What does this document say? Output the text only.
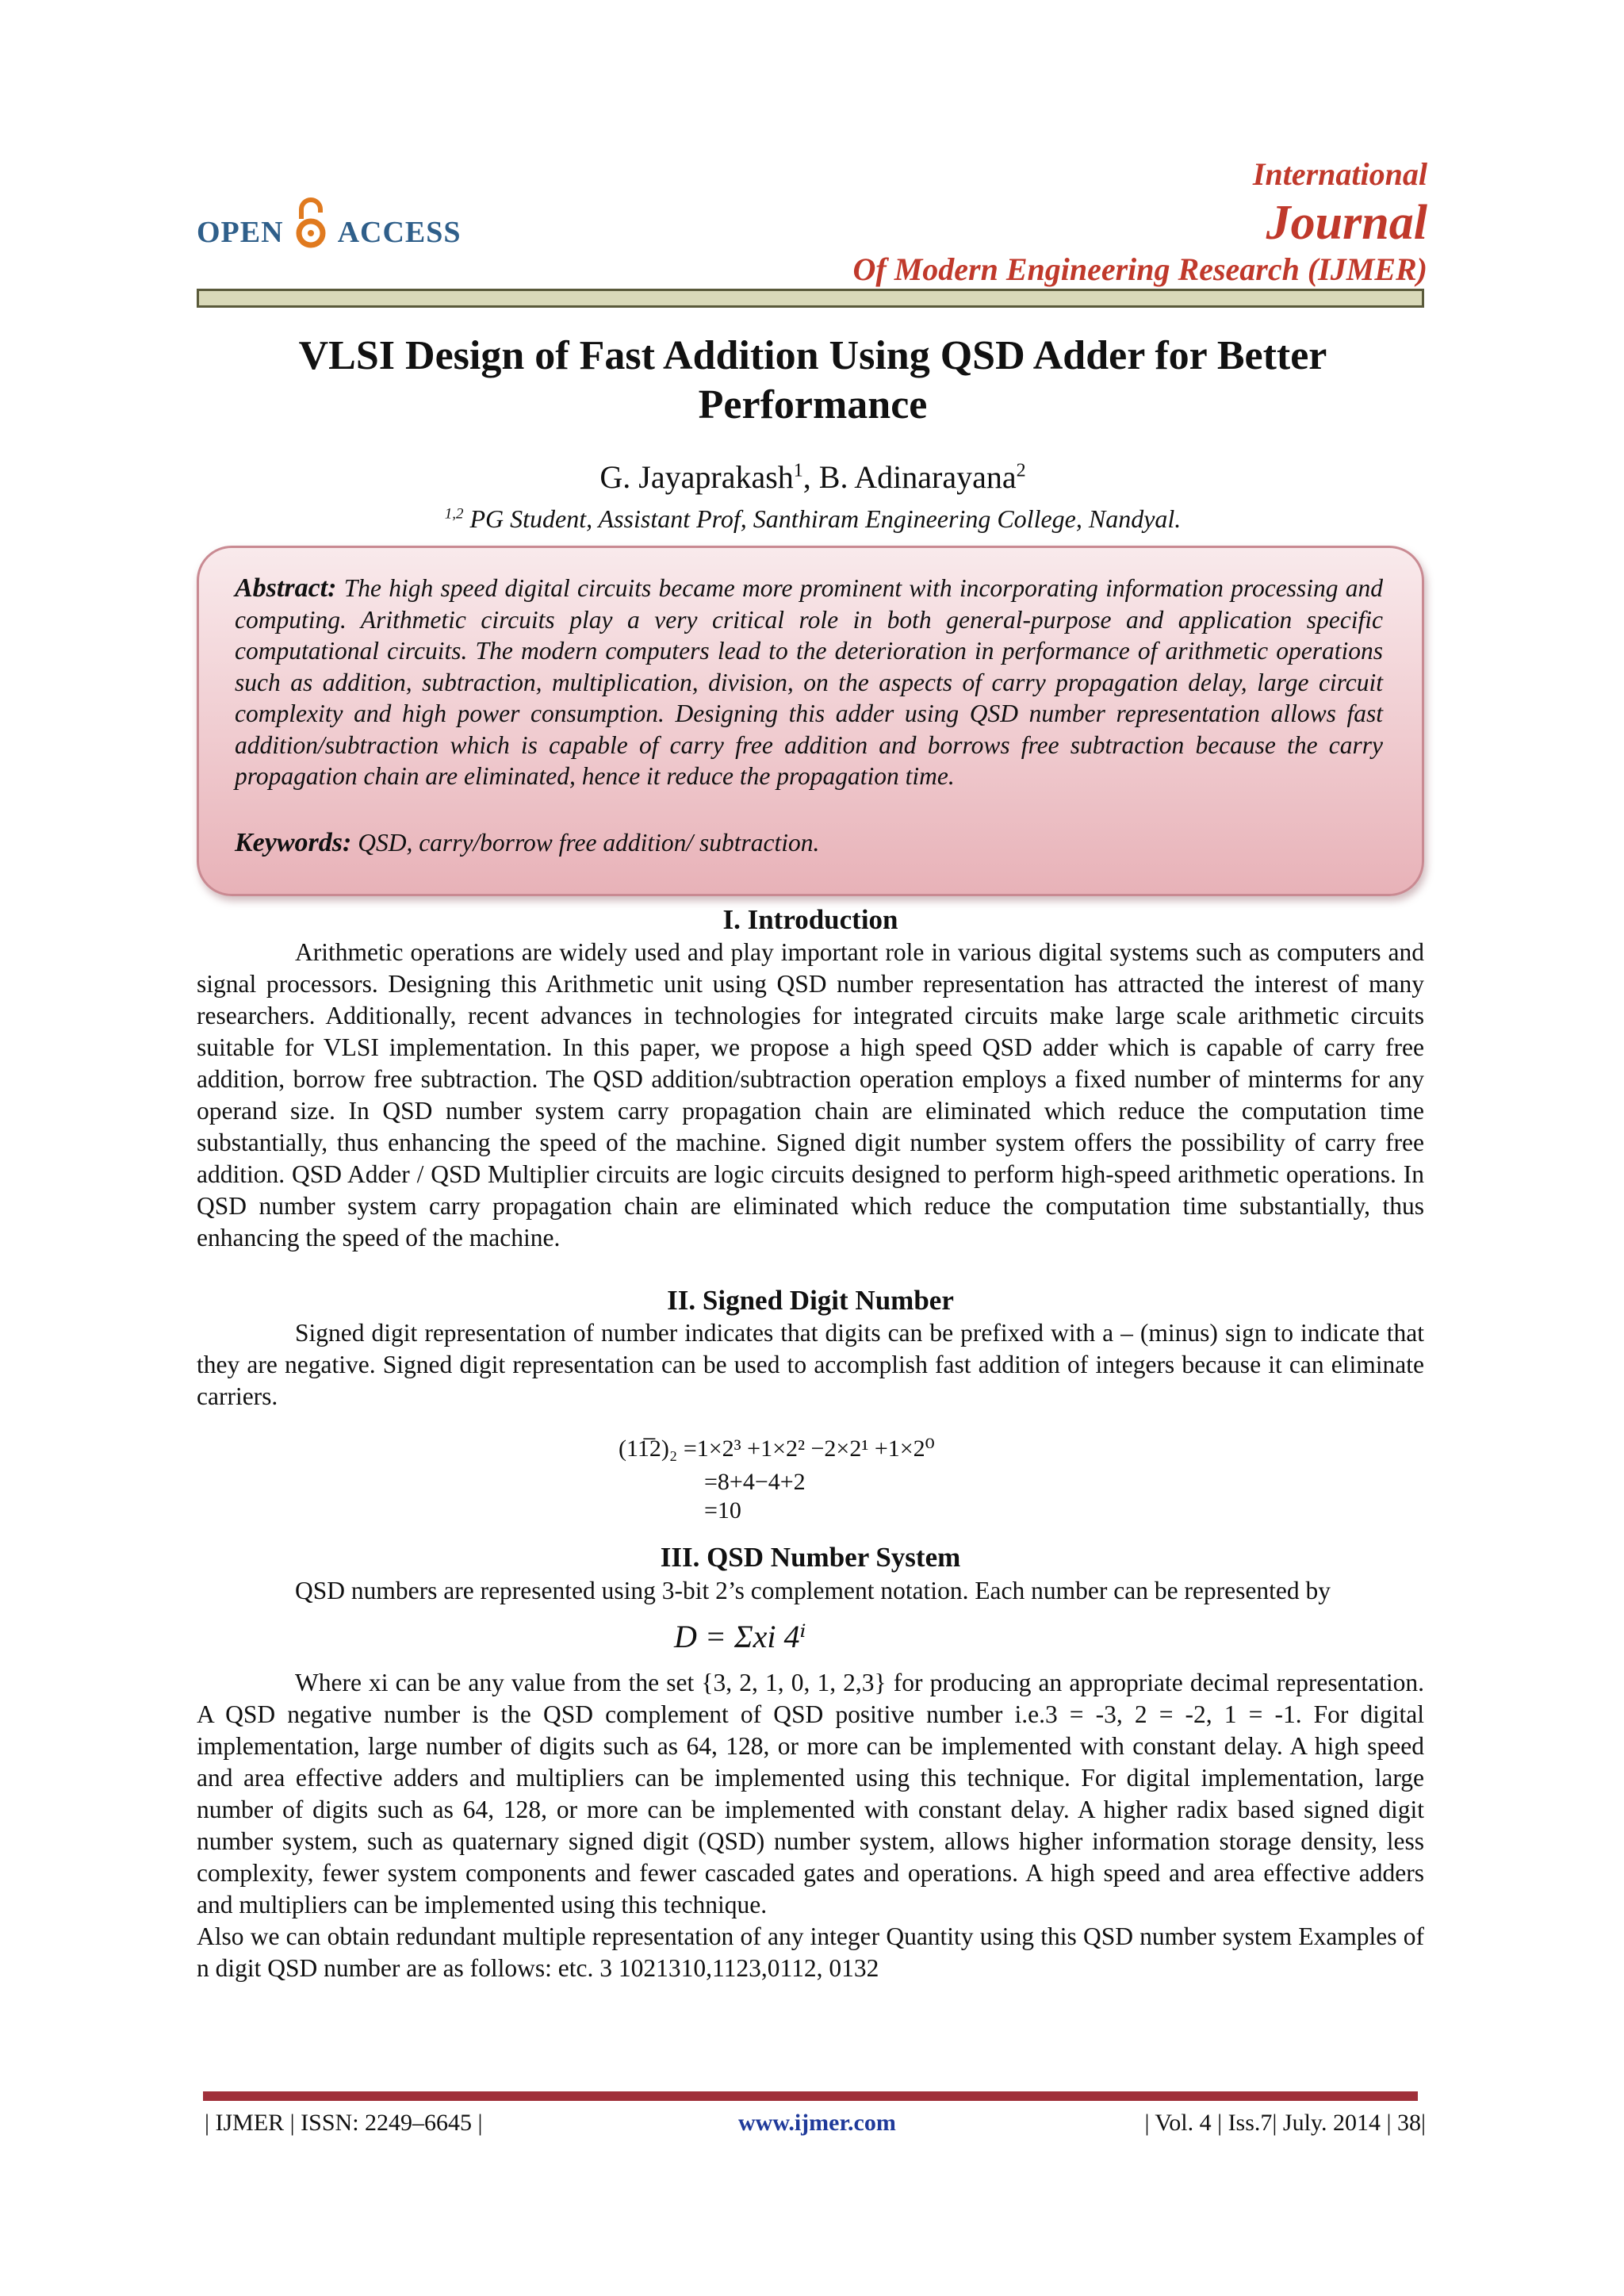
OPEN ACCESS
International
Journal
Of Modern Engineering Research (IJMER)
VLSI Design of Fast Addition Using QSD Adder for Better
Performance
G. Jayaprakash$^1$, B. Adinarayana$^2$
$^{1,2}$ PG Student, Assistant Prof, Santhiram Engineering College, Nandyal.
Abstract: The high speed digital circuits became more prominent with incorporating information processing and computing. Arithmetic circuits play a very critical role in both general-purpose and application specific computational circuits. The modern computers lead to the deterioration in performance of arithmetic operations such as addition, subtraction, multiplication, division, on the aspects of carry propagation delay, large circuit complexity and high power consumption. Designing this adder using QSD number representation allows fast addition/subtraction which is capable of carry free addition and borrows free subtraction because the carry propagation chain are eliminated, hence it reduce the propagation time.
Keywords: QSD, carry/borrow free addition/ subtraction.
I. Introduction
Arithmetic operations are widely used and play important role in various digital systems such as computers and signal processors. Designing this Arithmetic unit using QSD number representation has attracted the interest of many researchers. Additionally, recent advances in technologies for integrated circuits make large scale arithmetic circuits suitable for VLSI implementation. In this paper, we propose a high speed QSD adder which is capable of carry free addition, borrow free subtraction. The QSD addition/subtraction operation employs a fixed number of minterms for any operand size. In QSD number system carry propagation chain are eliminated which reduce the computation time substantially, thus enhancing the speed of the machine. Signed digit number system offers the possibility of carry free addition. QSD Adder / QSD Multiplier circuits are logic circuits designed to perform high-speed arithmetic operations. In QSD number system carry propagation chain are eliminated which reduce the computation time substantially, thus enhancing the speed of the machine.
II. Signed Digit Number
Signed digit representation of number indicates that digits can be prefixed with a – (minus) sign to indicate that they are negative. Signed digit representation can be used to accomplish fast addition of integers because it can eliminate carriers.
(11̅2)₂ =1×2³ +1×2² −2×2¹ +1×2⁰
=8+4−4+2
=10
III. QSD Number System
QSD numbers are represented using 3-bit 2’s complement notation. Each number can be represented by
D = Σxi 4ⁱ
Where xi can be any value from the set {3, 2, 1, 0, 1, 2,3} for producing an appropriate decimal representation. A QSD negative number is the QSD complement of QSD positive number i.e.3 = -3, 2 = -2, 1 = -1. For digital implementation, large number of digits such as 64, 128, or more can be implemented with constant delay. A high speed and area effective adders and multipliers can be implemented using this technique. For digital implementation, large number of digits such as 64, 128, or more can be implemented with constant delay. A higher radix based signed digit number system, such as quaternary signed digit (QSD) number system, allows higher information storage density, less complexity, fewer system components and fewer cascaded gates and operations. A high speed and area effective adders and multipliers can be implemented using this technique.
Also we can obtain redundant multiple representation of any integer Quantity using this QSD number system Examples of n digit QSD number are as follows: etc. 3 1021310,1123,0112, 0132
| IJMER | ISSN: 2249–6645 |	www.ijmer.com	| Vol. 4 | Iss.7| July. 2014 | 38|
